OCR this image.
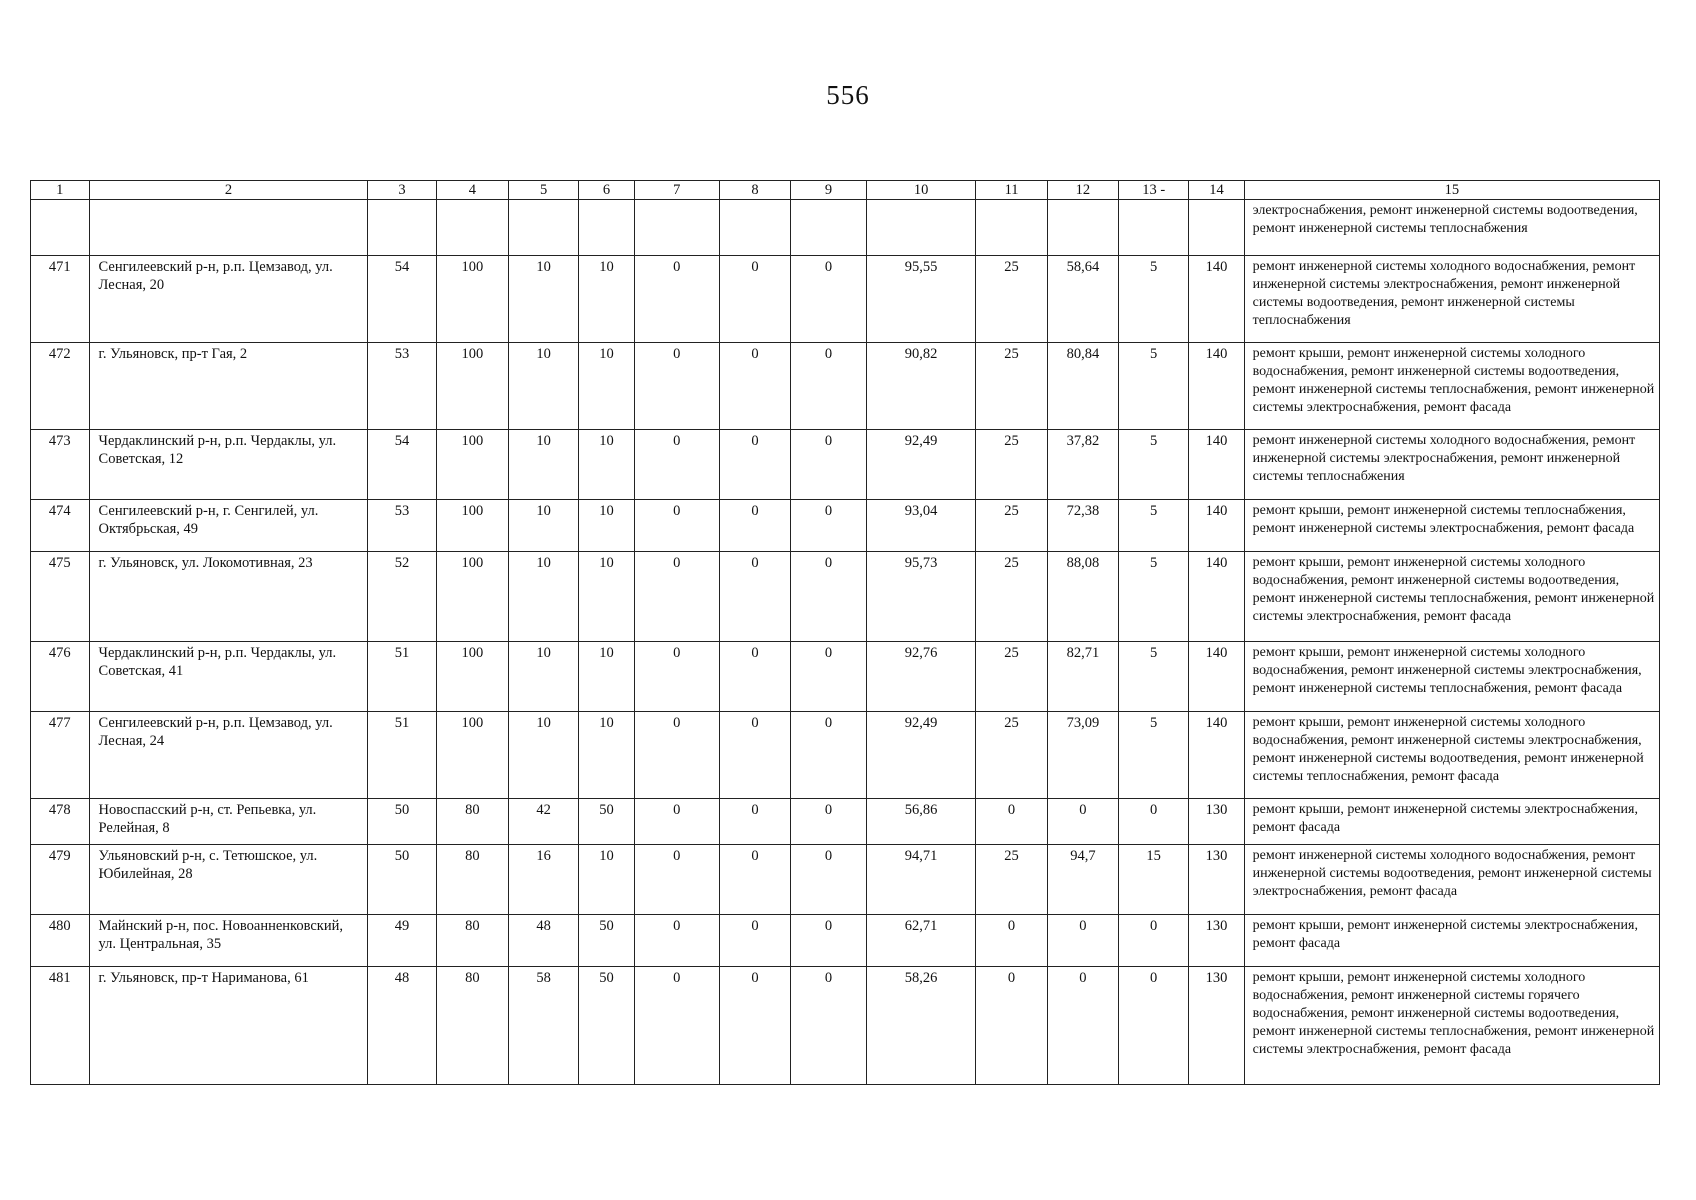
556
1	2	3	4	5	6	7	8	9	10	11	12	13 -	14	15
														электроснабжения, ремонт инженерной системы водоотведения, ремонт инженерной системы теплоснабжения
471	Сенгилеевский р-н, р.п. Цемзавод, ул. Лесная, 20	54	100	10	10	0	0	0	95,55	25	58,64	5	140	ремонт инженерной системы холодного водоснабжения, ремонт инженерной системы электроснабжения, ремонт инженерной системы водоотведения, ремонт инженерной системы теплоснабжения
472	г. Ульяновск, пр-т Гая, 2	53	100	10	10	0	0	0	90,82	25	80,84	5	140	ремонт крыши, ремонт инженерной системы холодного водоснабжения, ремонт инженерной системы водоотведения, ремонт инженерной системы теплоснабжения, ремонт инженерной системы электроснабжения, ремонт фасада
473	Чердаклинский р-н, р.п. Чердаклы, ул. Советская, 12	54	100	10	10	0	0	0	92,49	25	37,82	5	140	ремонт инженерной системы холодного водоснабжения, ремонт инженерной системы электроснабжения, ремонт инженерной системы теплоснабжения
474	Сенгилеевский р-н, г. Сенгилей, ул. Октябрьская, 49	53	100	10	10	0	0	0	93,04	25	72,38	5	140	ремонт крыши, ремонт инженерной системы теплоснабжения, ремонт инженерной системы электроснабжения, ремонт фасада
475	г. Ульяновск, ул. Локомотивная, 23	52	100	10	10	0	0	0	95,73	25	88,08	5	140	ремонт крыши, ремонт инженерной системы холодного водоснабжения, ремонт инженерной системы водоотведения, ремонт инженерной системы теплоснабжения, ремонт инженерной системы электроснабжения, ремонт фасада
476	Чердаклинский р-н, р.п. Чердаклы, ул. Советская, 41	51	100	10	10	0	0	0	92,76	25	82,71	5	140	ремонт крыши, ремонт инженерной системы холодного водоснабжения, ремонт инженерной системы электроснабжения, ремонт инженерной системы теплоснабжения, ремонт фасада
477	Сенгилеевский р-н, р.п. Цемзавод, ул. Лесная, 24	51	100	10	10	0	0	0	92,49	25	73,09	5	140	ремонт крыши, ремонт инженерной системы холодного водоснабжения, ремонт инженерной системы электроснабжения, ремонт инженерной системы водоотведения, ремонт инженерной системы теплоснабжения, ремонт фасада
478	Новоспасский р-н, ст. Репьевка, ул. Релейная, 8	50	80	42	50	0	0	0	56,86	0	0	0	130	ремонт крыши, ремонт инженерной системы электроснабжения, ремонт фасада
479	Ульяновский р-н, с. Тетюшское, ул. Юбилейная, 28	50	80	16	10	0	0	0	94,71	25	94,7	15	130	ремонт инженерной системы холодного водоснабжения, ремонт инженерной системы водоотведения, ремонт инженерной системы электроснабжения, ремонт фасада
480	Майнский р-н, пос. Новоанненковский, ул. Центральная, 35	49	80	48	50	0	0	0	62,71	0	0	0	130	ремонт крыши, ремонт инженерной системы электроснабжения, ремонт фасада
481	г. Ульяновск, пр-т Нариманова, 61	48	80	58	50	0	0	0	58,26	0	0	0	130	ремонт крыши, ремонт инженерной системы холодного водоснабжения, ремонт инженерной системы горячего водоснабжения, ремонт инженерной системы водоотведения, ремонт инженерной системы теплоснабжения, ремонт инженерной системы электроснабжения, ремонт фасада
